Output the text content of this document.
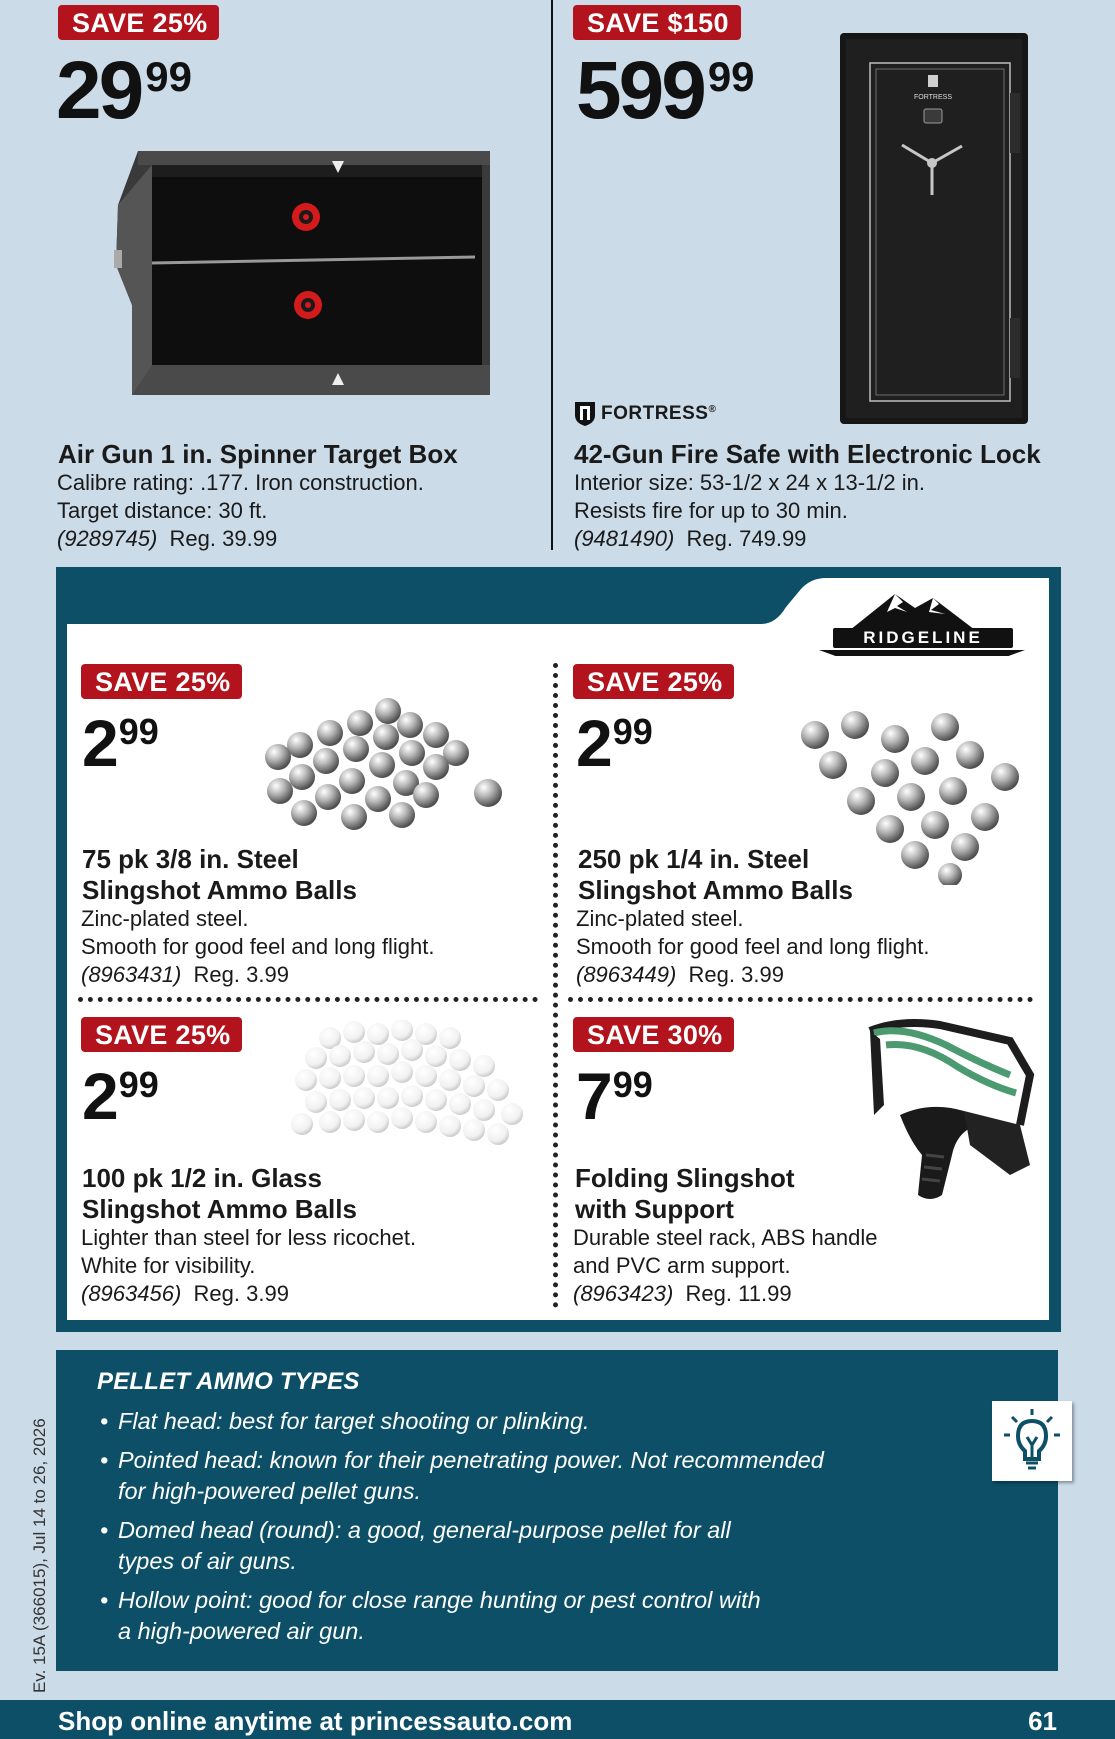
SAVE 25%
2999
Air Gun 1 in. Spinner Target Box
Calibre rating: .177. Iron construction.
Target distance: 30 ft.
(9289745) Reg. 39.99
SAVE $150
59999	FORTRESS
FORTRESS ®
42-Gun Fire Safe with Electronic Lock
Interior size: 53-1/2 x 24 x 13-1/2 in.
Resists fire for up to 30 min.
(9481490) Reg. 749.99
RIDGELINE
SAVE 25%
299
75 pk 3/8 in. Steel
Slingshot Ammo Balls
Zinc-plated steel.
Smooth for good feel and long flight.
(8963431) Reg. 3.99
SAVE 25%
299
250 pk 1/4 in. Steel
Slingshot Ammo Balls
Zinc-plated steel.
Smooth for good feel and long flight.
(8963449) Reg. 3.99
SAVE 25%
299
100 pk 1/2 in. Glass
Slingshot Ammo Balls
Lighter than steel for less ricochet.
White for visibility.
(8963456) Reg. 3.99
SAVE 30%
799
Folding Slingshot
with Support
Durable steel rack, ABS handle
and PVC arm support.
(8963423) Reg. 11.99
PELLET AMMO TYPES
• Flat head: best for target shooting or plinking.
• Pointed head: known for their penetrating power. Not recommended
for high-powered pellet guns.
• Domed head (round): a good, general-purpose pellet for all
types of air guns.
• Hollow point: good for close range hunting or pest control with
a high-powered air gun.
Ev. 15A (366015), Jul 14 to 26, 2026
Shop online anytime at princessauto.com	61
